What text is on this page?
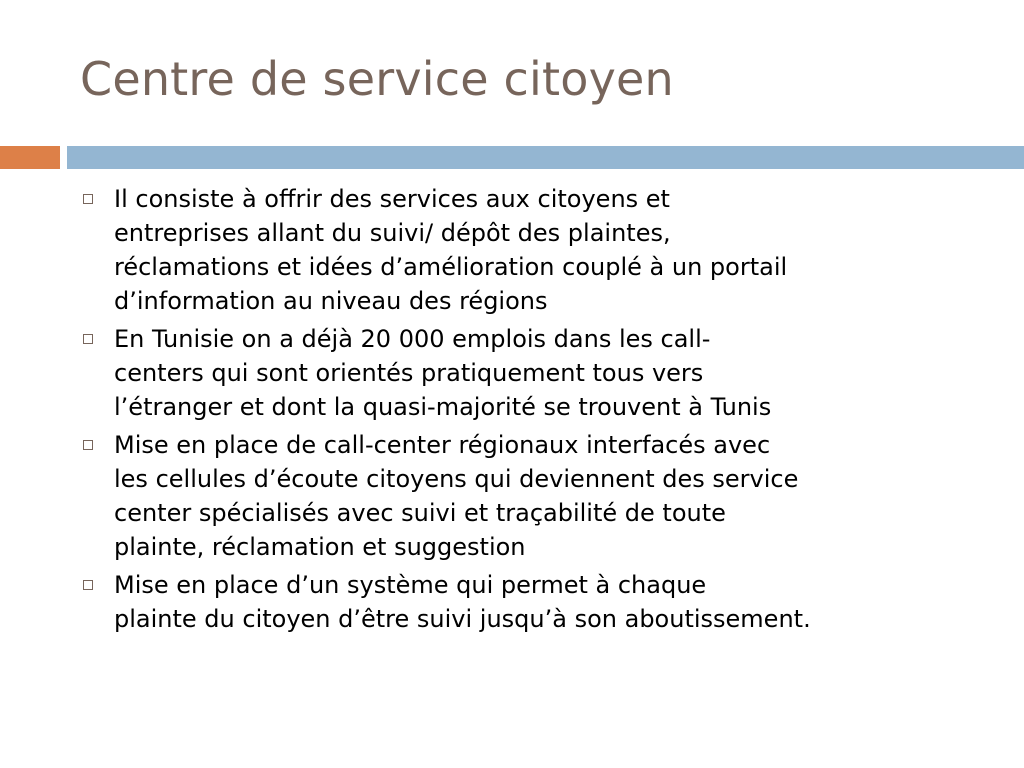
Centre de service citoyen
Il consiste à offrir des services aux citoyens et
entreprises allant du suivi/ dépôt des plaintes,
réclamations et idées d’amélioration couplé à un portail
d’information au niveau des régions
En Tunisie on a déjà 20 000 emplois dans les call-
centers qui sont orientés pratiquement tous vers
l’étranger et dont la quasi-majorité se trouvent à Tunis
Mise en place de call-center régionaux interfacés avec
les cellules d’écoute citoyens qui deviennent des service
center spécialisés avec suivi et traçabilité de toute
plainte, réclamation et suggestion
Mise en place d’un système qui permet à chaque
plainte du citoyen d’être suivi jusqu’à son aboutissement.
